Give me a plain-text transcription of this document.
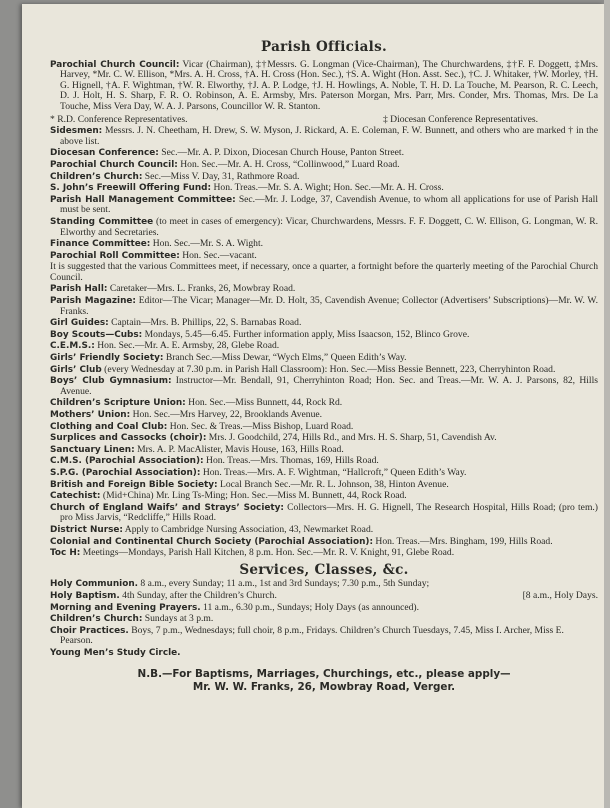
Parish Officials.
Parochial Church Council: Vicar (Chairman), ‡†Messrs. G. Longman (Vice-Chairman), The Churchwardens, ‡†F. F. Doggett, ‡Mrs. Harvey, *Mr. C. W. Ellison, *Mrs. A. H. Cross, †A. H. Cross (Hon. Sec.), †S. A. Wight (Hon. Asst. Sec.), †C. J. Whitaker, †W. Morley, †H. G. Hignell, †A. F. Wightman, †W. R. Elworthy, †J. A. P. Lodge, †J. H. Howlings, A. Noble, T. H. D. La Touche, M. Pearson, R. C. Leech, D. J. Holt, H. S. Sharp, F. R. O. Robinson, A. E. Armsby, Mrs. Paterson Morgan, Mrs. Parr, Mrs. Conder, Mrs. Thomas, Mrs. De La Touche, Miss Vera Day, W. A. J. Parsons, Councillor W. R. Stanton.
* R.D. Conference Representatives.	‡ Diocesan Conference Representatives.
Sidesmen: Messrs. J. N. Cheetham, H. Drew, S. W. Myson, J. Rickard, A. E. Coleman, F. W. Bunnett, and others who are marked † in the above list.
Diocesan Conference: Sec.—Mr. A. P. Dixon, Diocesan Church House, Panton Street.
Parochial Church Council: Hon. Sec.—Mr. A. H. Cross, “Collinwood,” Luard Road.
Children’s Church: Sec.—Miss V. Day, 31, Rathmore Road.
S. John’s Freewill Offering Fund: Hon. Treas.—Mr. S. A. Wight; Hon. Sec.—Mr. A. H. Cross.
Parish Hall Management Committee: Sec.—Mr. J. Lodge, 37, Cavendish Avenue, to whom all applications for use of Parish Hall must be sent.
Standing Committee (to meet in cases of emergency): Vicar, Churchwardens, Messrs. F. F. Doggett, C. W. Ellison, G. Longman, W. R. Elworthy and Secretaries.
Finance Committee: Hon. Sec.—Mr. S. A. Wight.
Parochial Roll Committee: Hon. Sec.—vacant.
It is suggested that the various Committees meet, if necessary, once a quarter, a fortnight before the quarterly meeting of the Parochial Church Council.
Parish Hall: Caretaker—Mrs. L. Franks, 26, Mowbray Road.
Parish Magazine: Editor—The Vicar; Manager—Mr. D. Holt, 35, Cavendish Avenue; Collector (Advertisers’ Subscriptions)—Mr. W. W. Franks.
Girl Guides: Captain—Mrs. B. Phillips, 22, S. Barnabas Road.
Boy Scouts—Cubs: Mondays, 5.45—6.45. Further information apply, Miss Isaacson, 152, Blinco Grove.
C.E.M.S.: Hon. Sec.—Mr. A. E. Armsby, 28, Glebe Road.
Girls’ Friendly Society: Branch Sec.—Miss Dewar, “Wych Elms,” Queen Edith’s Way.
Girls’ Club (every Wednesday at 7.30 p.m. in Parish Hall Classroom): Hon. Sec.—Miss Bessie Bennett, 223, Cherryhinton Road.
Boys’ Club Gymnasium: Instructor—Mr. Bendall, 91, Cherryhinton Road; Hon. Sec. and Treas.—Mr. W. A. J. Parsons, 82, Hills Avenue.
Children’s Scripture Union: Hon. Sec.—Miss Bunnett, 44, Rock Rd.
Mothers’ Union: Hon. Sec.—Mrs Harvey, 22, Brooklands Avenue.
Clothing and Coal Club: Hon. Sec. & Treas.—Miss Bishop, Luard Road.
Surplices and Cassocks (choir): Mrs. J. Goodchild, 274, Hills Rd., and Mrs. H. S. Sharp, 51, Cavendish Av.
Sanctuary Linen: Mrs. A. P. MacAlister, Mavis House, 163, Hills Road.
C.M.S. (Parochial Association): Hon. Treas.—Mrs. Thomas, 169, Hills Road.
S.P.G. (Parochial Association): Hon. Treas.—Mrs. A. F. Wightman, “Hallcroft,” Queen Edith’s Way.
British and Foreign Bible Society: Local Branch Sec.—Mr. R. L. Johnson, 38, Hinton Avenue.
Catechist: (Mid+China) Mr. Ling Ts-Ming; Hon. Sec.—Miss M. Bunnett, 44, Rock Road.
Church of England Waifs’ and Strays’ Society: Collectors—Mrs. H. G. Hignell, The Research Hospital, Hills Road; (pro tem.) pro Miss Jarvis, “Redcliffe,” Hills Road.
District Nurse: Apply to Cambridge Nursing Association, 43, Newmarket Road.
Colonial and Continental Church Society (Parochial Association): Hon. Treas.—Mrs. Bingham, 199, Hills Road.
Toc H: Meetings—Mondays, Parish Hall Kitchen, 8 p.m. Hon. Sec.—Mr. R. V. Knight, 91, Glebe Road.
Services, Classes, &c.
Holy Communion. 8 a.m., every Sunday; 11 a.m., 1st and 3rd Sundays; 7.30 p.m., 5th Sunday;
Holy Baptism. 4th Sunday, after the Children’s Church.	[8 a.m., Holy Days.
Morning and Evening Prayers. 11 a.m., 6.30 p.m., Sundays; Holy Days (as announced).
Children’s Church: Sundays at 3 p.m.
Choir Practices. Boys, 7 p.m., Wednesdays; full choir, 8 p.m., Fridays. Children’s Church Tuesdays, 7.45, Miss I. Archer, Miss E. Pearson.
Young Men’s Study Circle.
N.B.—For Baptisms, Marriages, Churchings, etc., please apply—
Mr. W. W. Franks, 26, Mowbray Road, Verger.
